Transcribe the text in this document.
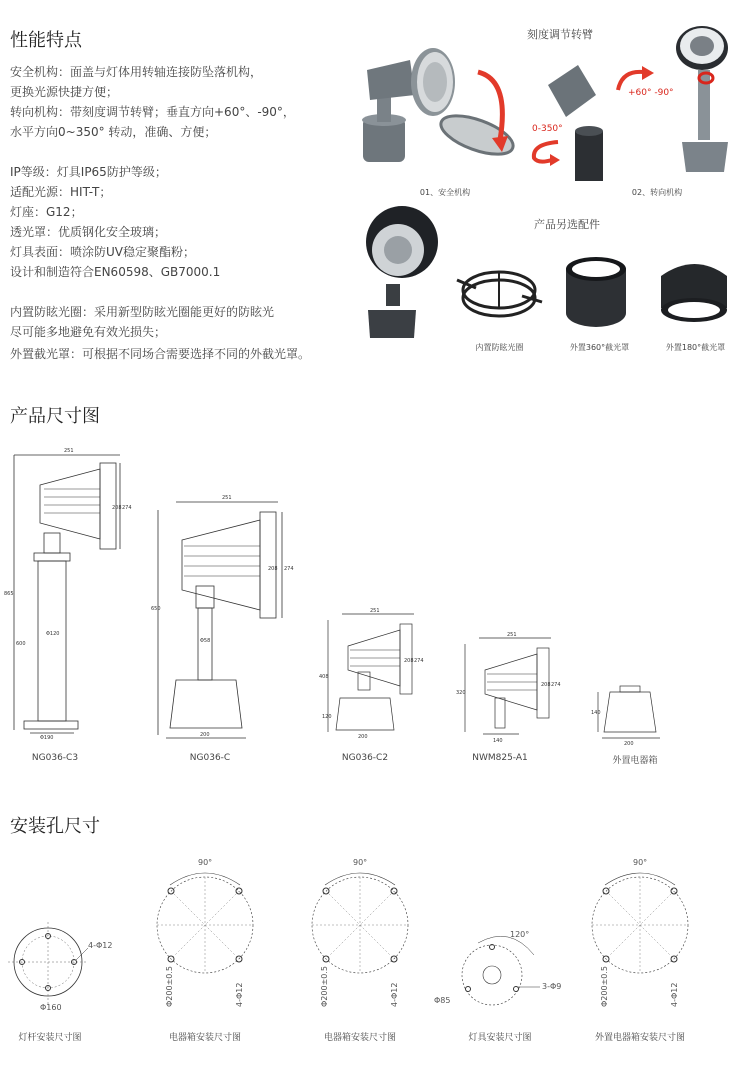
性能特点
安全机构：面盖与灯体用转轴连接防坠落机构，
更换光源快捷方便；
转向机构：带刻度调节转臂；垂直方向+60°、-90°，
水平方向0~350° 转动，准确、方便；
IP等级：灯具IP65防护等级；
适配光源：HIT-T；
灯座：G12；
透光罩：优质钢化安全玻璃；
灯具表面：喷涂防UV稳定聚酯粉；
设计和制造符合EN60598、GB7000.1
内置防眩光圈：采用新型防眩光圈能更好的防眩光
尽可能多地避免有效光损失；
外置截光罩：可根据不同场合需要选择不同的外截光罩。
刻度调节转臂
0-350°
+60° -90°
01、安全机构	02、转向机构
产品另选配件
内置防眩光圈	外置360°截光罩	外置180°截光罩
产品尺寸图
251
865
600
Φ120
Φ190
208 274
251
650
Φ58
200
208 274
251
408
120
200
208 274
251
320
140
208 274
140
200
NG036-C3	NG036-C	NG036-C2	NWM825-A1	外置电器箱
安装孔尺寸
4-Φ12
Φ160
90°
Φ200±0.5	4-Φ12
90°
Φ200±0.5	4-Φ12
120°
3-Φ9
Φ85
90°
Φ200±0.5	4-Φ12
灯杆安装尺寸图	电器箱安装尺寸图	电器箱安装尺寸图	灯具安装尺寸图	外置电器箱安装尺寸图
